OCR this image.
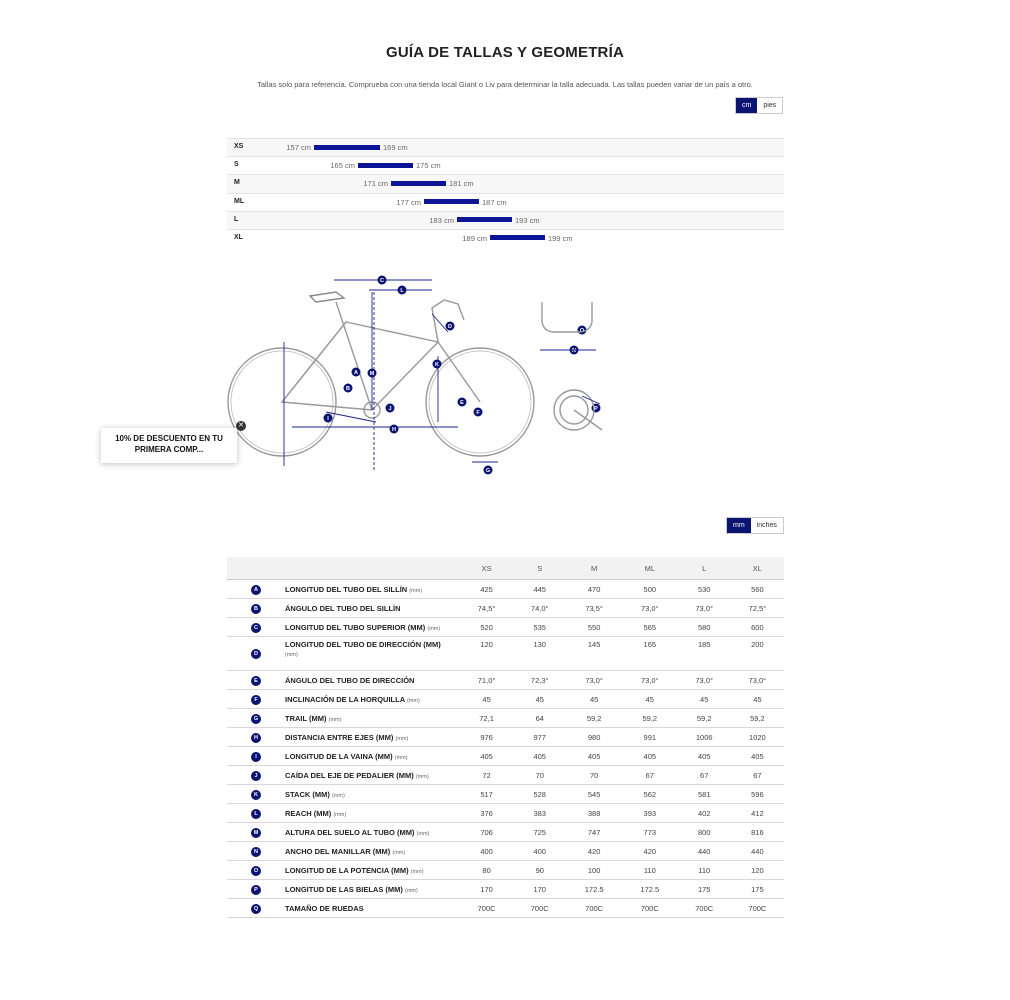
GUÍA DE TALLAS Y GEOMETRÍA
Tallas solo para referencia. Comprueba con una tienda local Giant o Liv para determinar la talla adecuada. Las tallas pueden variar de un país a otro.
cm	pies
XS	157 cm	169 cm
S	165 cm	175 cm
M	171 cm	181 cm
ML	177 cm	187 cm
L	183 cm	193 cm
XL	189 cm	199 cm
A
B
C
D
E
F
G
H
I
J
K
L
M
N
O
P
10% DE DESCUENTO EN TU PRIMERA COMP...
✕
mm	inches
		XS	S	M	ML	L	XL
A	LONGITUD DEL TUBO DEL SILLÍN (mm)	425	445	470	500	530	560
B	ÁNGULO DEL TUBO DEL SILLÍN	74,5°	74,0°	73,5°	73,0°	73,0°	72,5°
C	LONGITUD DEL TUBO SUPERIOR (MM) (mm)	520	535	550	565	580	600
D	LONGITUD DEL TUBO DE DIRECCIÓN (MM)
(mm)	120	130	145	165	185	200
E	ÁNGULO DEL TUBO DE DIRECCIÓN	71,0°	72,3°	73,0°	73,0°	73,0°	73,0°
F	INCLINACIÓN DE LA HORQUILLA (mm)	45	45	45	45	45	45
G	TRAIL (MM) (mm)	72,1	64	59,2	59,2	59,2	59,2
H	DISTANCIA ENTRE EJES (MM) (mm)	976	977	980	991	1006	1020
I	LONGITUD DE LA VAINA (MM) (mm)	405	405	405	405	405	405
J	CAÍDA DEL EJE DE PEDALIER (MM) (mm)	72	70	70	67	67	67
K	STACK (MM) (mm)	517	528	545	562	581	596
L	REACH (MM) (mm)	376	383	388	393	402	412
M	ALTURA DEL SUELO AL TUBO (MM) (mm)	706	725	747	773	800	816
N	ANCHO DEL MANILLAR (MM) (mm)	400	400	420	420	440	440
O	LONGITUD DE LA POTENCIA (MM) (mm)	80	90	100	110	110	120
P	LONGITUD DE LAS BIELAS (MM) (mm)	170	170	172.5	172.5	175	175
Q	TAMAÑO DE RUEDAS	700C	700C	700C	700C	700C	700C
